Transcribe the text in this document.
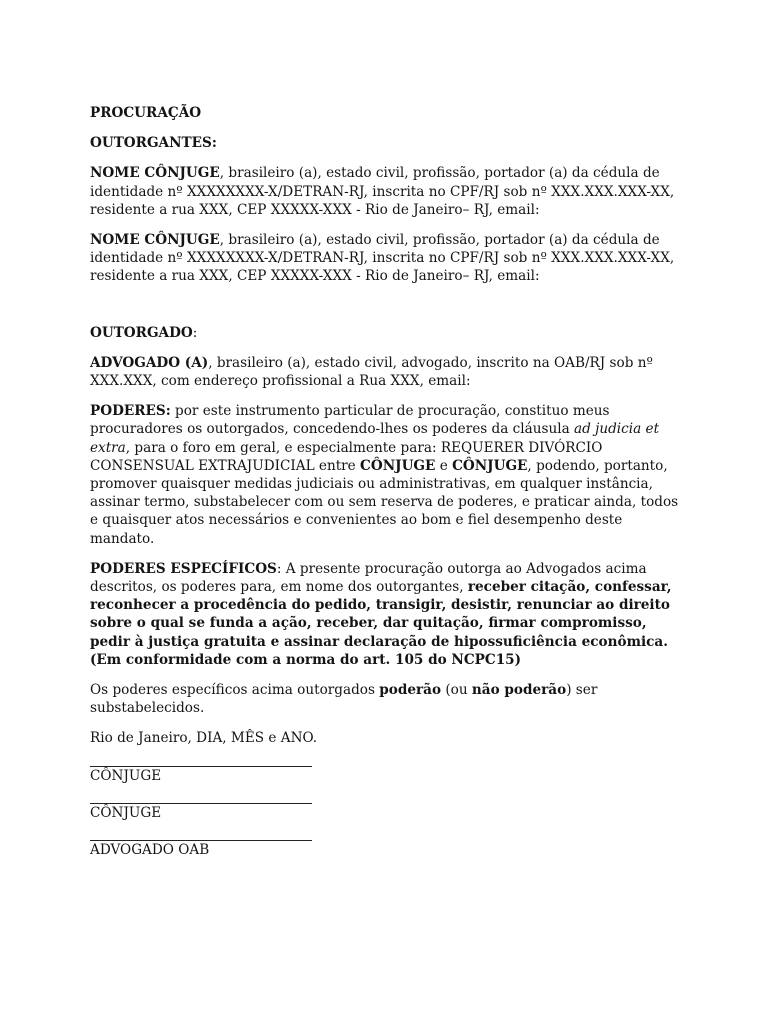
PROCURAÇÃO

OUTORGANTES:

NOME CÔNJUGE, brasileiro (a), estado civil, profissão, portador (a) da cédula de identidade nº XXXXXXXX-X/DETRAN-RJ, inscrita no CPF/RJ sob nº XXX.XXX.XXX-XX, residente a rua XXX, CEP XXXXX-XXX - Rio de Janeiro– RJ, email:

NOME CÔNJUGE, brasileiro (a), estado civil, profissão, portador (a) da cédula de identidade nº XXXXXXXX-X/DETRAN-RJ, inscrita no CPF/RJ sob nº XXX.XXX.XXX-XX, residente a rua XXX, CEP XXXXX-XXX - Rio de Janeiro– RJ, email:

OUTORGADO:

ADVOGADO (A), brasileiro (a), estado civil, advogado, inscrito na OAB/RJ sob nº XXX.XXX, com endereço profissional a Rua XXX, email:

PODERES: por este instrumento particular de procuração, constituo meus procuradores os outorgados, concedendo-lhes os poderes da cláusula ad judicia et extra, para o foro em geral, e especialmente para: REQUERER DIVÓRCIO CONSENSUAL EXTRAJUDICIAL entre CÔNJUGE e CÔNJUGE, podendo, portanto, promover quaisquer medidas judiciais ou administrativas, em qualquer instância, assinar termo, substabelecer com ou sem reserva de poderes, e praticar ainda, todos e quaisquer atos necessários e convenientes ao bom e fiel desempenho deste mandato.

PODERES ESPECÍFICOS: A presente procuração outorga ao Advogados acima descritos, os poderes para, em nome dos outorgantes, receber citação, confessar, reconhecer a procedência do pedido, transigir, desistir, renunciar ao direito sobre o qual se funda a ação, receber, dar quitação, firmar compromisso, pedir à justiça gratuita e assinar declaração de hipossuficiência econômica. (Em conformidade com a norma do art. 105 do NCPC15)

Os poderes específicos acima outorgados poderão (ou não poderão) ser substabelecidos.

Rio de Janeiro, DIA, MÊS e ANO.

CÔNJUGE

CÔNJUGE

ADVOGADO OAB
